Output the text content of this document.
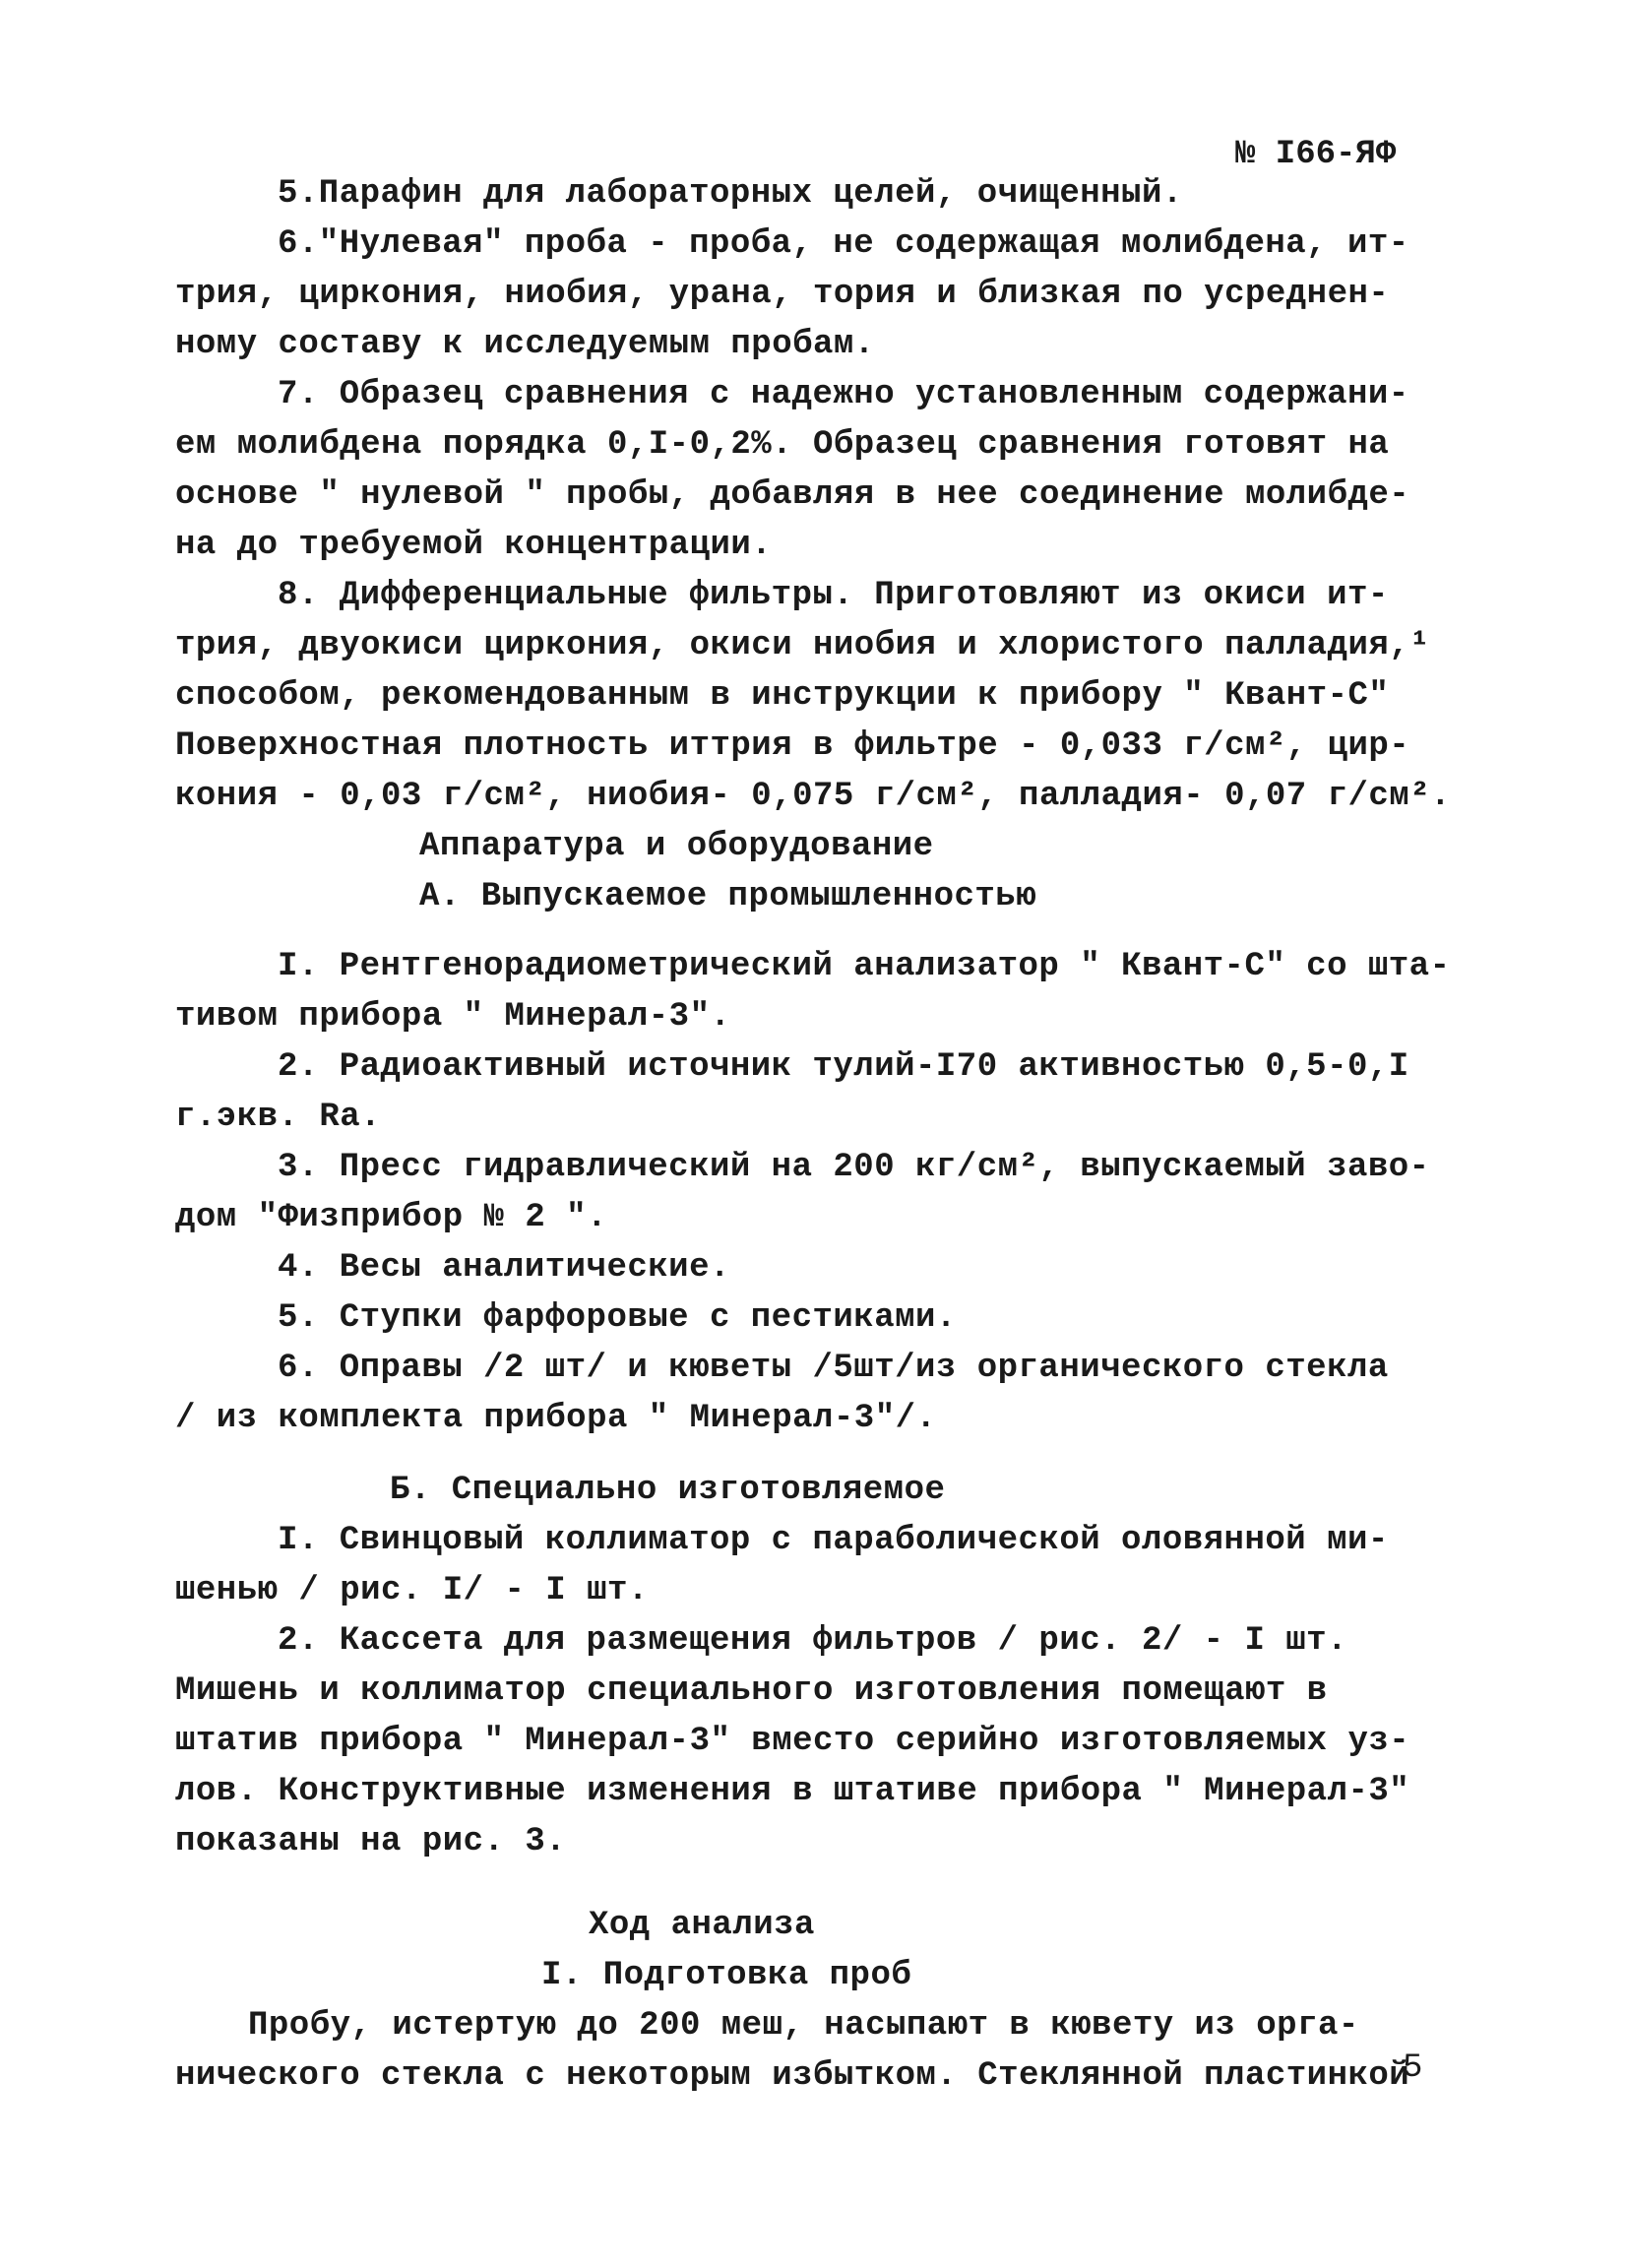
№ I66-ЯФ

5.Парафин для лабораторных целей, очищенный.

6."Нулевая" проба - проба, не содержащая молибдена, ит-

трия, циркония, ниобия, урана, тория и близкая по усреднен-

ному составу к исследуемым пробам.

7. Образец сравнения с надежно установленным содержани-

ем молибдена порядка 0,I-0,2%. Образец сравнения готовят на

основе " нулевой " пробы, добавляя в нее соединение молибде-

на до требуемой концентрации.

8. Дифференциальные фильтры. Приготовляют из окиси ит-

трия, двуокиси циркония, окиси ниобия и хлористого палладия,¹

способом, рекомендованным в инструкции к прибору " Квант-С"

Поверхностная плотность иттрия в фильтре - 0,033 г/см², цир-

кония - 0,03 г/см², ниобия- 0,075 г/см², палладия- 0,07 г/см².

Аппаратура и оборудование

А. Выпускаемое промышленностью

I. Рентгенорадиометрический анализатор " Квант-С" со шта-

тивом прибора " Минерал-3".

2. Радиоактивный источник тулий-I70 активностью 0,5-0,I

г.экв. Ra.

3. Пресс гидравлический на 200 кг/см², выпускаемый заво-

дом "Физприбор № 2 ".

4. Весы аналитические.

5. Ступки фарфоровые с пестиками.

6. Оправы /2 шт/ и кюветы /5шт/из органического стекла

/ из комплекта прибора " Минерал-3"/.

Б. Специально изготовляемое

I. Свинцовый коллиматор с параболической оловянной ми-

шенью / рис. I/ - I шт.

2. Кассета для размещения фильтров / рис. 2/ - I шт.

Мишень и коллиматор специального изготовления помещают в

штатив прибора " Минерал-3" вместо серийно изготовляемых уз-

лов. Конструктивные изменения в штативе прибора " Минерал-3"

показаны на рис. 3.

Ход анализа

I. Подготовка проб

Пробу, истертую до 200 меш, насыпают в кювету из орга-

нического стекла с некоторым избытком. Стеклянной пластинкой

5
